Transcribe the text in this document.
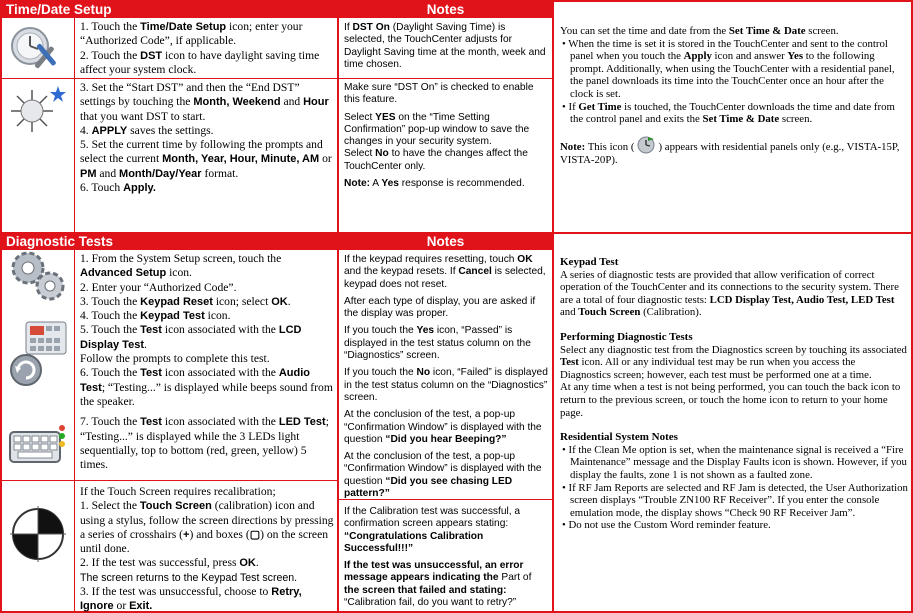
Time/Date Setup	Notes
Diagnostic Tests	Notes

1. Touch the Time/Date Setup icon; enter your “Authorized Code”, if applicable.

2. Touch the DST icon to have daylight saving time affect your system clock.

3. Set the “Start DST” and then the “End DST” settings by touching the Month, Weekend and Hour that you want DST to start.

4. APPLY saves the settings.

5. Set the current time by following the prompts and select the current Month, Year, Hour, Minute, AM or PM and Month/Day/Year format.

6. Touch Apply.

If DST On (Daylight Saving Time) is selected, the TouchCenter adjusts for Daylight Saving time at the month, week and time chosen.

Make sure “DST On” is checked to enable this feature.

Select YES on the “Time Setting Confirmation” pop-up window to save the changes in your security system.
Select No to have the changes affect the TouchCenter only.

Note: A Yes response is recommended.

You can set the time and date from the Set Time & Date screen.

• When the time is set it is stored in the TouchCenter and sent to the control panel when you touch the Apply icon and answer Yes to the following prompt. Additionally, when using the TouchCenter with a residential panel, the panel downloads its time into the TouchCenter once an hour after the clock is set.
• If Get Time is touched, the TouchCenter downloads the time and date from the control panel and exits the Set Time & Date screen.

Note: This icon ( ) appears with residential panels only (e.g., VISTA-15P, VISTA-20P).

1. From the System Setup screen, touch the Advanced Setup icon.

2. Enter your “Authorized Code”.

3. Touch the Keypad Reset icon; select OK.

4. Touch the Keypad Test icon.

5. Touch the Test icon associated with the LCD Display Test.

Follow the prompts to complete this test.

6. Touch the Test icon associated with the Audio Test; “Testing...” is displayed while beeps sound from the speaker.

7. Touch the Test icon associated with the LED Test; “Testing...” is displayed while the 3 LEDs light sequentially, top to bottom (red, green, yellow) 5 times.

If the Touch Screen requires recalibration;

1. Select the Touch Screen (calibration) icon and using a stylus, follow the screen directions by pressing a series of crosshairs (+) and boxes (▢) on the screen until done.

2. If the test was successful, press OK.

The screen returns to the Keypad Test screen.

3. If the test was unsuccessful, choose to Retry, Ignore or Exit.

If the keypad requires resetting, touch OK and the keypad resets. If Cancel is selected, keypad does not reset.

After each type of display, you are asked if the display was proper.

If you touch the Yes icon, “Passed” is displayed in the test status column on the “Diagnostics” screen.

If you touch the No icon, “Failed” is displayed in the test status column on the “Diagnostics” screen.

At the conclusion of the test, a pop-up “Confirmation Window” is displayed with the question “Did you hear Beeping?”

At the conclusion of the test, a pop-up “Confirmation Window” is displayed with the question “Did you see chasing LED pattern?”

If the Calibration test was successful, a confirmation screen appears stating: “Congratulations Calibration Successful!!!”

If the test was unsuccessful, an error message appears indicating the Part of the screen that failed and stating:
“Calibration fail, do you want to retry?”

Keypad Test

A series of diagnostic tests are provided that allow verification of correct operation of the TouchCenter and its connections to the security system. There are a total of four diagnostic tests: LCD Display Test, Audio Test, LED Test and Touch Screen (Calibration).

Performing Diagnostic Tests

Select any diagnostic test from the Diagnostics screen by touching its associated Test icon. All or any individual test may be run when you access the Diagnostics screen; however, each test must be performed one at a time.

At any time when a test is not being performed, you can touch the back icon to return to the previous screen, or touch the home icon to return to your home page.

Residential System Notes

• If the Clean Me option is set, when the maintenance signal is received a “Fire Maintenance” message and the Display Faults icon is shown. However, if you display the faults, zone 1 is not shown as a faulted zone.
• If RF Jam Reports are selected and RF Jam is detected, the User Authorization screen displays “Trouble ZN100 RF Receiver”. If you enter the console emulation mode, the display shows “Check 90 RF Receiver Jam”.
• Do not use the Custom Word reminder feature.
